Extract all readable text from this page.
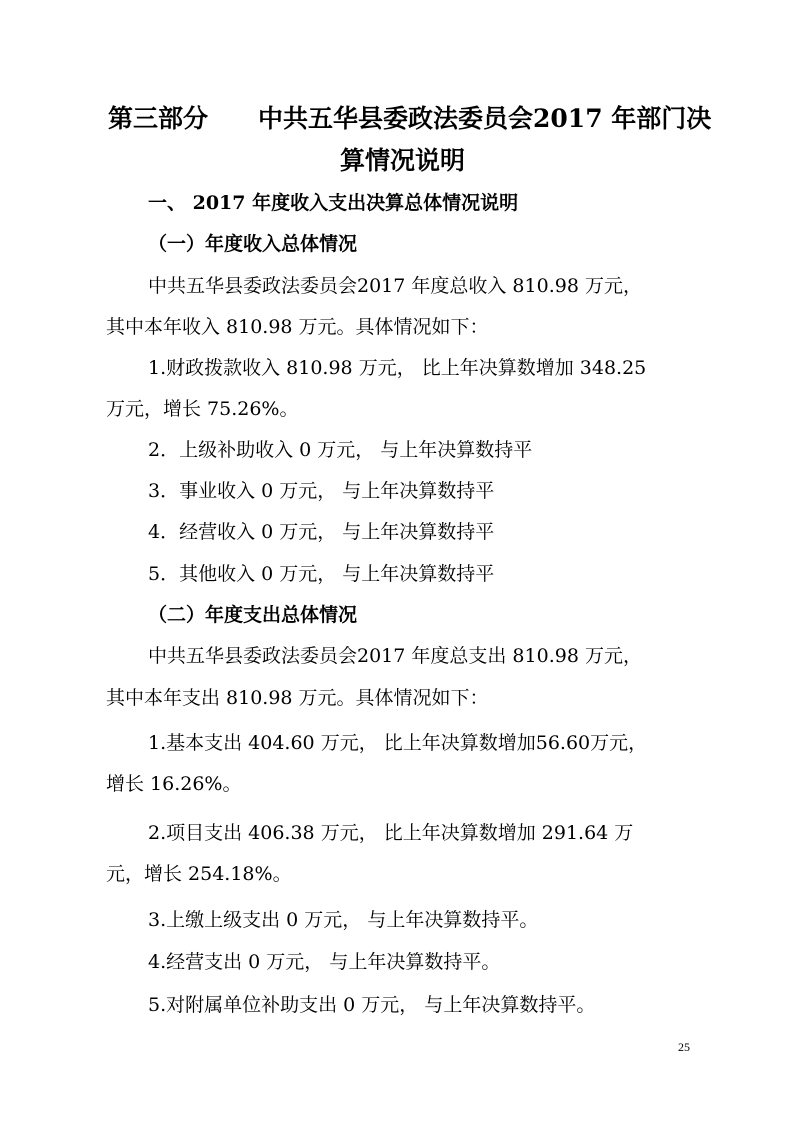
第三部分 中共五华县委政法委员会2017 年部门决
算情况说明
一、 2017 年度收入支出决算总体情况说明
（一）年度收入总体情况
中共五华县委政法委员会2017 年度总收入 810.98 万元，
其中本年收入 810.98 万元。具体情况如下：
1.财政拨款收入 810.98 万元， 比上年决算数增加 348.25
万元，增长 75.26%。
2．上级补助收入 0 万元， 与上年决算数持平
3．事业收入 0 万元， 与上年决算数持平
4．经营收入 0 万元， 与上年决算数持平
5．其他收入 0 万元， 与上年决算数持平
（二）年度支出总体情况
中共五华县委政法委员会2017 年度总支出 810.98 万元，
其中本年支出 810.98 万元。具体情况如下：
1.基本支出 404.60 万元， 比上年决算数增加56.60万元，
增长 16.26%。
2.项目支出 406.38 万元， 比上年决算数增加 291.64 万
元，增长 254.18%。
3.上缴上级支出 0 万元， 与上年决算数持平。
4.经营支出 0 万元， 与上年决算数持平。
5.对附属单位补助支出 0 万元， 与上年决算数持平。
25
